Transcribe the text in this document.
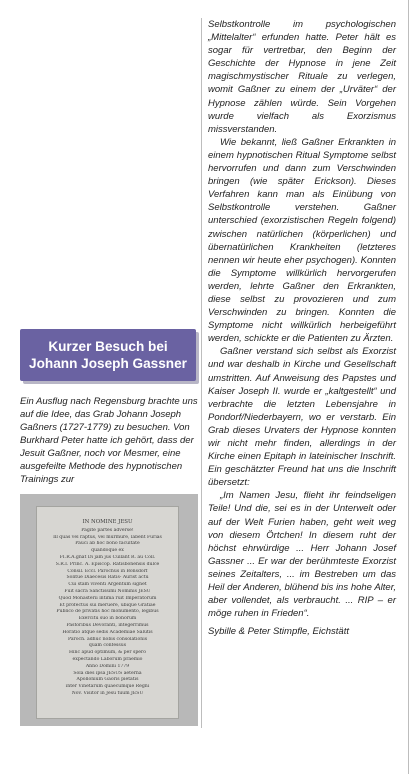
Kurzer Besuch bei
Johann Joseph Gassner

Ein Ausflug nach Regensburg brachte uns auf die Idee, das Grab Johann Joseph Gaßners (1727-1779) zu besuchen. Von Burkhard Peter hatte ich gehört, dass der Jesuit Gaßner, noch vor Mesmer, eine ausgefeilte Methode des hypnotischen Trainings zur

IN NOMINE JESU
Pagite partes adverse!
Ill quas vel raptus, vel murmure, labent Furias
Pauci ab hoc bono facultate
quandoque ex
FI.R.A.gnat Di jam jus Cullant R. au Coll.
S.R.I. Princ. A. Episcop. Ratisbonensis dulce
Consil. Eccl. Parochus in Bonsdorf
Solitue Diaecesis Ratis- Aurist actu
Cui stam viventi Argentum signet
Fuit sacra Sanctissimi Nominis JESU
Quod Monasterii intima ruit Imperatorum
Et profectus sui meruere, ubique Gratiae
Publico de privatis hoc monumento, legibus
Exercitu suo in bonorum
Pastoribus Devoranti, integerrimus
Horatio atque sedis Academiae Salutis
Paroch. adhuc nobis consolationis
quam confessus
Hinc apud optimum, & per spero
expectando Laborum praemio
Anno Domini 1779
Sola dies ipsa JESUS aeterna
Apollonium Gaoris pietatis
inter Vinetarum quaecumque Regni
Nov. Visitor in Jesu tuum JESU

Selbstkontrolle im psychologischen „Mittelalter“ erfunden hatte. Peter hält es sogar für vertretbar, den Beginn der Geschichte der Hypnose in jene Zeit magischmystischer Rituale zu verlegen, womit Gaßner zu einem der „Urväter“ der Hypnose zählen würde. Sein Vorgehen wurde vielfach als Exorzismus missverstanden.

Wie bekannt, ließ Gaßner Erkrankten in einem hypnotischen Ritual Symptome selbst hervorrufen und dann zum Verschwinden bringen (wie später Erickson). Dieses Verfahren kann man als Einübung von Selbstkontrolle verstehen. Gaßner unterschied (exorzistischen Regeln folgend) zwischen natürlichen (körperlichen) und übernatürlichen Krankheiten (letzteres nennen wir heute eher psychogen). Konnten die Symptome willkürlich hervorgerufen werden, lehrte Gaßner den Erkrankten, diese selbst zu provozieren und zum Verschwinden zu bringen. Konnten die Symptome nicht willkürlich herbeigeführt werden, schickte er die Patienten zu Ärzten.

Gaßner verstand sich selbst als Exorzist und war deshalb in Kirche und Gesellschaft umstritten. Auf Anweisung des Papstes und Kaiser Joseph II. wurde er „kaltgestellt“ und verbrachte die letzten Lebensjahre in Pondorf/Niederbayern, wo er verstarb. Ein Grab dieses Urvaters der Hypnose konnten wir nicht mehr finden, allerdings in der Kirche einen Epitaph in lateinischer Inschrift. Ein geschätzter Freund hat uns die Inschrift übersetzt:

„Im Namen Jesu, flieht ihr feindseligen Teile! Und die, sei es in der Unterwelt oder auf der Welt Furien haben, geht weit weg von diesem Örtchen! In diesem ruht der höchst ehrwürdige ... Herr Johann Josef Gassner ... Er war der berühmteste Exorzist seines Zeitalters, ... im Bestreben um das Heil der Anderen, blühend bis ins hohe Alter, aber vollendet, als verbraucht. ... RIP – er möge ruhen in Frieden“.

Sybille & Peter Stimpfle, Eichstätt
